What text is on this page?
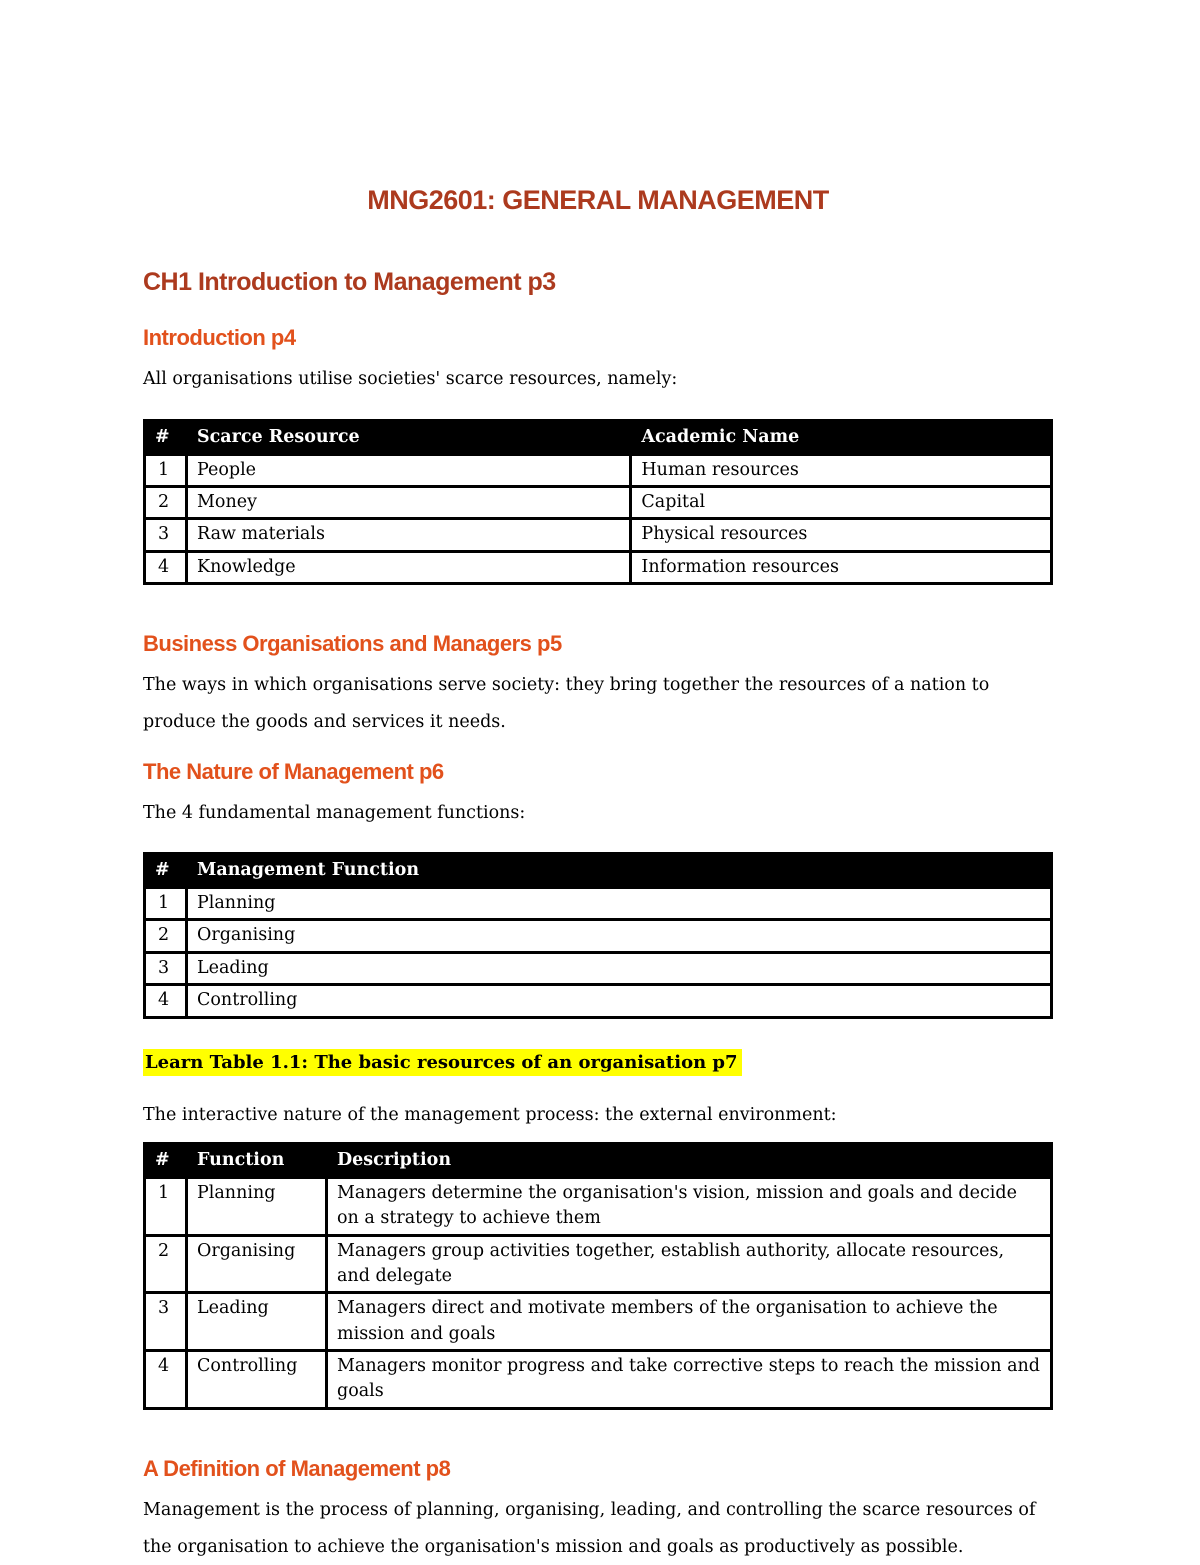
MNG2601: GENERAL MANAGEMENT
CH1 Introduction to Management p3
Introduction p4

All organisations utilise societies' scarce resources, namely:

#	Scarce Resource	Academic Name
1	People	Human resources
2	Money	Capital
3	Raw materials	Physical resources
4	Knowledge	Information resources
Business Organisations and Managers p5

The ways in which organisations serve society: they bring together the resources of a nation to produce the goods and services it needs.

The Nature of Management p6

The 4 fundamental management functions:

#	Management Function
1	Planning
2	Organising
3	Leading
4	Controlling
Learn Table 1.1: The basic resources of an organisation p7

The interactive nature of the management process: the external environment:

#	Function	Description
1	Planning	Managers determine the organisation's vision, mission and goals and decide on a strategy to achieve them
2	Organising	Managers group activities together, establish authority, allocate resources, and delegate
3	Leading	Managers direct and motivate members of the organisation to achieve the mission and goals
4	Controlling	Managers monitor progress and take corrective steps to reach the mission and goals
A Definition of Management p8

Management is the process of planning, organising, leading, and controlling the scarce resources of the organisation to achieve the organisation's mission and goals as productively as possible.
